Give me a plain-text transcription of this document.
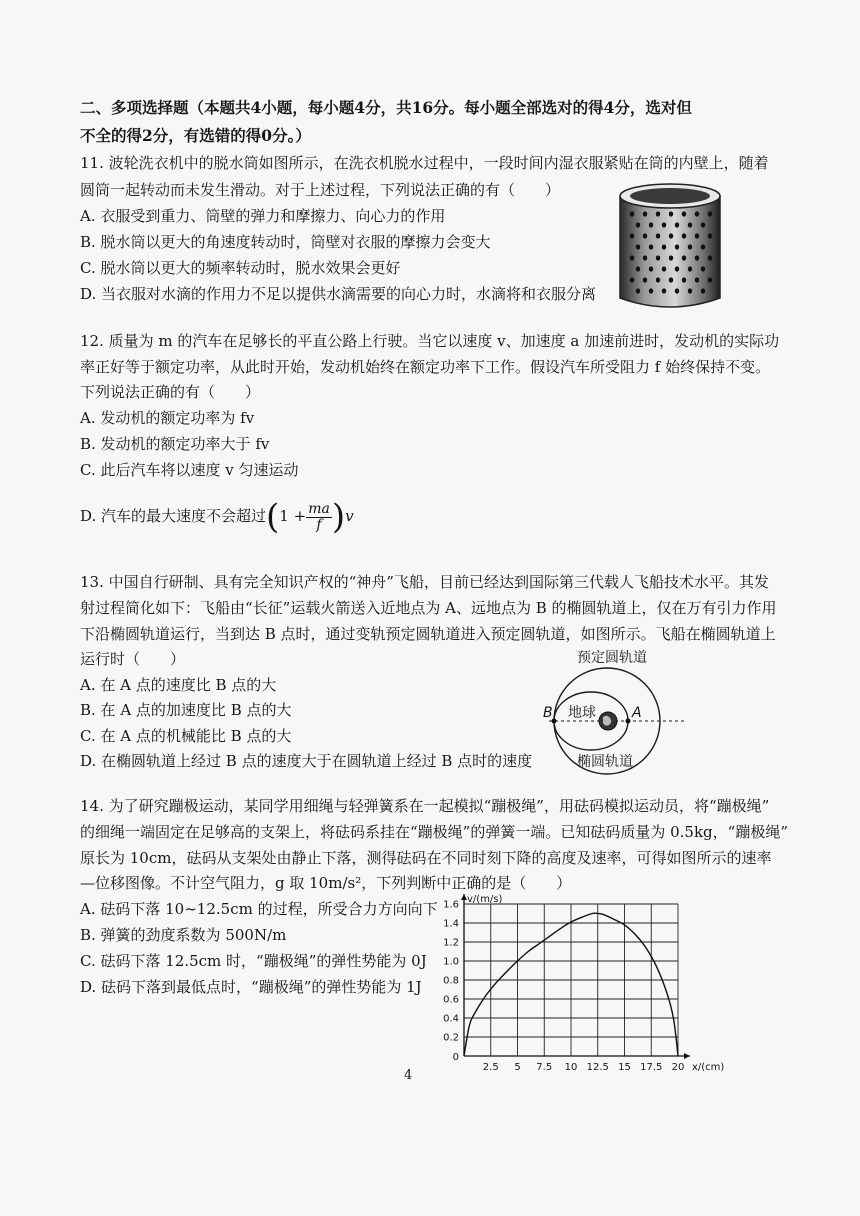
二、多项选择题（本题共4小题，每小题4分，共16分。每小题全部选对的得4分，选对但
不全的得2分，有选错的得0分。）
11. 波轮洗衣机中的脱水筒如图所示，在洗衣机脱水过程中，一段时间内湿衣服紧贴在筒的内壁上，随着
圆筒一起转动而未发生滑动。对于上述过程，下列说法正确的有（　　）
A. 衣服受到重力、筒壁的弹力和摩擦力、向心力的作用
B. 脱水筒以更大的角速度转动时，筒壁对衣服的摩擦力会变大
C. 脱水筒以更大的频率转动时，脱水效果会更好
D. 当衣服对水滴的作用力不足以提供水滴需要的向心力时，水滴将和衣服分离
12. 质量为 m 的汽车在足够长的平直公路上行驶。当它以速度 v、加速度 a 加速前进时，发动机的实际功
率正好等于额定功率，从此时开始，发动机始终在额定功率下工作。假设汽车所受阻力 f 始终保持不变。
下列说法正确的有（　　）
A. 发动机的额定功率为 fv
B. 发动机的额定功率大于 fv
C. 此后汽车将以速度 v 匀速运动
D. 汽车的最大速度不会超过$(1 + \frac{ma}{f} )v$
13. 中国自行研制、具有完全知识产权的“神舟”飞船，目前已经达到国际第三代载人飞船技术水平。其发
射过程简化如下：飞船由“长征”运载火箭送入近地点为 A、远地点为 B 的椭圆轨道上，仅在万有引力作用
下沿椭圆轨道运行，当到达 B 点时，通过变轨预定圆轨道进入预定圆轨道，如图所示。飞船在椭圆轨道上
运行时（　　）
A. 在 A 点的速度比 B 点的大
B. 在 A 点的加速度比 B 点的大
C. 在 A 点的机械能比 B 点的大
D. 在椭圆轨道上经过 B 点的速度大于在圆轨道上经过 B 点时的速度
预定圆轨道
B 地球	A
椭圆轨道
14. 为了研究蹦极运动，某同学用细绳与轻弹簧系在一起模拟“蹦极绳”，用砝码模拟运动员，将“蹦极绳”
的细绳一端固定在足够高的支架上，将砝码系挂在“蹦极绳”的弹簧一端。已知砝码质量为 0.5kg，“蹦极绳”
原长为 10cm，砝码从支架处由静止下落，测得砝码在不同时刻下降的高度及速率，可得如图所示的速率
—位移图像。不计空气阻力，g 取 10m/s²，下列判断中正确的是（　　）
A. 砝码下落 10~12.5cm 的过程，所受合力方向向下
B. 弹簧的劲度系数为 500N/m
C. 砝码下落 12.5cm 时，“蹦极绳”的弹性势能为 0J
D. 砝码下落到最低点时，“蹦极绳”的弹性势能为 1J
2.5 5 7.5 10 12.5 15 17.5 20
0.2
0.4
0.6
0.8
1.0
1.2
1.4
1.6
0
v/(m/s)
x/(cm)
4
